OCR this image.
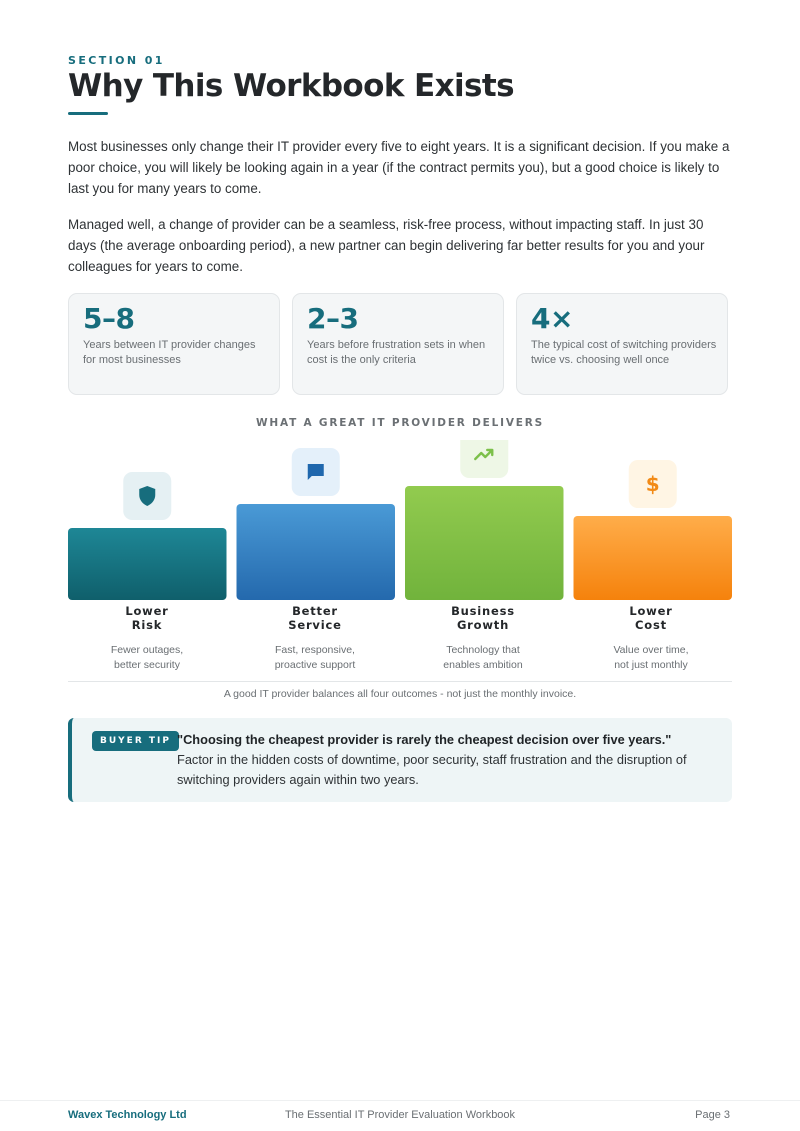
SECTION 01
Why This Workbook Exists

Most businesses only change their IT provider every five to eight years. It is a significant decision. If you make a poor choice, you will likely be looking again in a year (if the contract permits you), but a good choice is likely to last you for many years to come.

Managed well, a change of provider can be a seamless, risk-free process, without impacting staff. In just 30 days (the average onboarding period), a new partner can begin delivering far better results for you and your colleagues for years to come.

5–8
Years between IT provider changes for most businesses
2–3
Years before frustration sets in when cost is the only criteria
4×
The typical cost of switching providers twice vs. choosing well once
WHAT A GREAT IT PROVIDER DELIVERS
$
Lower
Risk
Better
Service
Business
Growth
Lower
Cost
Fewer outages,
better security
Fast, responsive,
proactive support
Technology that
enables ambition
Value over time,
not just monthly
A good IT provider balances all four outcomes - not just the monthly invoice.
BUYER TIP "Choosing the cheapest provider is rarely the cheapest decision over five years." Factor in the hidden costs of downtime, poor security, staff frustration and the disruption of switching providers again within two years.
Wavex Technology Ltd	The Essential IT Provider Evaluation Workbook	Page 3
